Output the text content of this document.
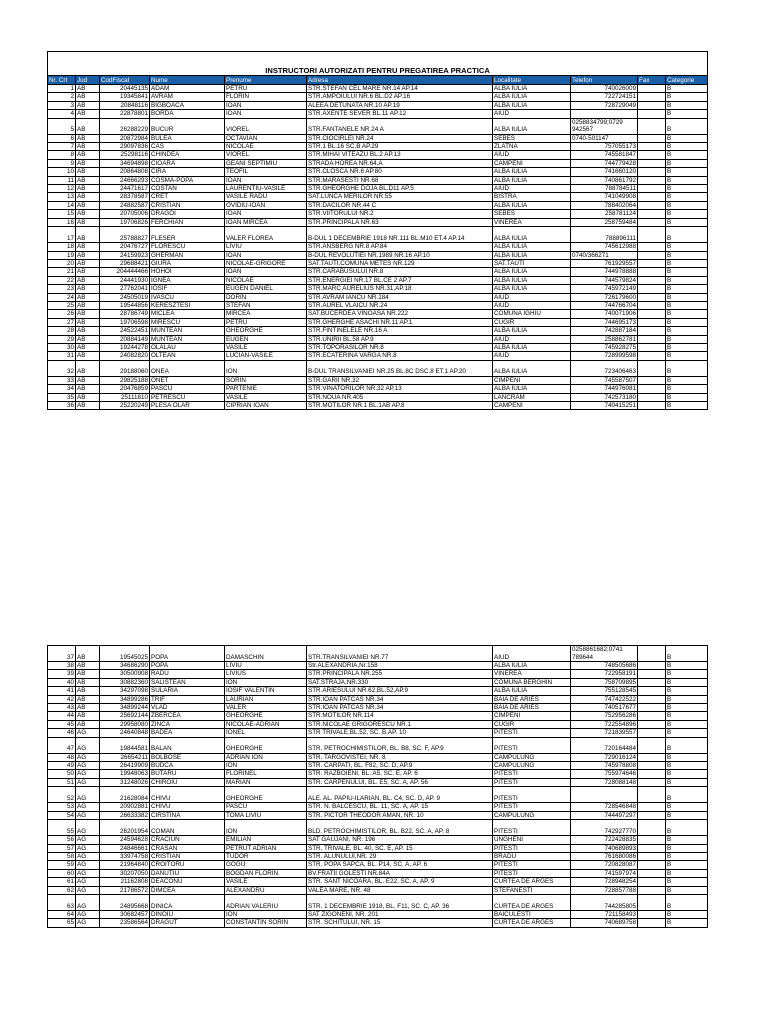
INSTRUCTORI AUTORIZATI PENTRU PREGATIREA PRACTICA									
Nr. Crt	Jud	CodFiscal	Nume	Prenume	Adresa	Localitate	Telefon	Fax	Categorie
1	AB	20445135	ADAM	PETRU	STR.STEFAN CEL MARE NR.14 AP.14	ALBA IULIA	740026009		B
2	AB	19345841	AVRAM	FLORIN	STR.AMPOIULUI NR.6 BL.D2 AP.16	ALBA IULIA	722724151		B
3	AB	20848116	BIGBOACA	IOAN	ALEEA DETUNATA NR.10 AP.19	ALBA IULIA	728729049		B
4	AB	22878801	BORDA	IOAN	STR.AXENTE SEVER BL.11 AP.12	AIUD			B
5	AB	26288229	BUCUR	VIOREL	STR.FANTANELE NR.24 A	ALBA IULIA	0258834799;0729 942567		B
6	AB	20872984	BULEA	OCTAVIAN	STR.CIOCIRLEI NR.24	SEBES	0740-501147		B
7	AB	29097836	CAS	NICOLAE	STR.1 BL.16 SC.B AP.29	ZLATNA	757055173		B
8	AB	25298116	CHINDEA	VIOREL	STR.MIHAI VITEAZU BL.2 AP.13	AIUD	745581847		B
9	AB	34694898	CIOARA	GEANI SEPTIMIU	STRADA HOREA NR.64,A	CAMPENI	744779428		B
10	AB	20864808	CIRA	TEOFIL	STR.CLOSCA NR.6 AP.80	ALBA IULIA	741660120		B
11	AB	24666293	COSMA-POPA	IOAN	STR.MARASESTI NR.68	ALBA IULIA	740861792		B
12	AB	24471617	COSTAN	LAURENTIU-VASILE	STR.GHEORGHE DOJA BL.D11 AP.5	AIUD	788784511		B
13	AB	28378587	CRET	VASILE RADU	SAT.LUNCA MERILOR NR.55	BISTRA	741049908		B
14	AB	24882587	CRISTIAN	OVIDIU-IOAN	STR.DACILOR NR.44 C	ALBA IULIA	788402064		B
15	AB	20705006	DRAGOI	IOAN	STR.VIITORULUI NR.2	SEBES	258781124		B
16	AB	19706826	FERCHIAN	IOAN MIRCEA	STR.PRINCIPALA NR.63	VINEREA	258759484		B
17	AB	25788827	FLESER	VALER FLOREA	B-DUL 1 DECEMBRIE 1918 NR.111 BL.M10 ET.4 AP.14	ALBA IULIA	788896111		B
18	AB	20476727	FLORESCU	LIVIU	STR.ANSBERG NR.8 AP.84	ALBA IULIA	745612988		B
19	AB	24159923	GHERMAN	IOAN	B-DUL REVOLUTIEI NR.1989 NR.16 AP.10	ALBA IULIA	0740/366271		B
20	AB	29688421	GIURA	NICOLAE-GRIGORE	SAT.TAUTI,COMUNA METES NR.129	SAT.TAUTI	761929557		B
21	AB	204444466	HOHOI	IOAN	STR.CARABUSULUI NR.8	ALBA IULIA	744978888		B
22	AB	24441930	IGNEA	NICOLAE	STR.ENERGIEI NR.17 BL.CE 2 AP.7	ALBA IULIA	744579824		B
23	AB	27762041	IOSIF	EUGEN DANIEL	STR.MARC AURELIUS NR.31,AP.18	ALBA IULIA	745972149		B
24	AB	24505019	IVASCU	DORIN	STR.AVRAM IANCU NR.184	AIUD	726179600		B
25	AB	19544856	KERESZTESI	STEFAN	STR.AUREL VLAICU NR.24	AIUD	744766704		B
26	AB	28786749	MICLEA	MIRCEA	SAT.BUCERDEA VINOASA NR.222	COMUNA IGHIU	740071906		B
27	AB	19706598	MIRESCU	PETRU	STR.GHERGHE ASACHI NR.11 AP.1	CUGIR	744695173		B
28	AB	24522451	MUNTEAN	GHEORGHE	STR.FINTINELELE NR.16 A	ALBA IULIA	742887184		B
29	AB	20884149	MUNTEAN	EUGEN	STR.UNIRII BL.58 AP.9	AIUD	258862781		B
30	AB	19244278	OLALAU	VASILE	STR.TOPORASILOR NR.8	ALBA IULIA	745928275		B
31	AB	24082820	OLTEAN	LUCIAN-VASILE	STR.ECATERINA VARGA NR.8	AIUD	728999598		B
32	AB	29188060	ONEA	ION	B-DUL TRANSILVANIEI NR.25 BL.8C DSC.8 ET.1 AP.20	ALBA IULIA	723406463		B
33	AB	29825188	ONET	SORIN	STR.GARII NR.32	CIMPENI	745587507		B
34	AB	20476859	PASCU	PARTENIE	STR.VINATORILOR NR.32 AP.13	ALBA IULIA	744976081		B
35	AB	25111810	PETRESCU	VASILE	STR.NOUA NR.405	LANCRAM	742573180		B
36	AB	25220249	PLESA OLAR	CIPRIAN IOAN	STR.MOTILOR NR.1 BL.1AB AP.8	CAMPENI	740415251		B
37	AB	19545025	POPA	DAMASCHIN	STR.TRANSILVANIEI NR.77	AIUD	0258861682;0741 789644		B
38	AB	34686290	POPA	LIVIU	Str.ALEXANDRIA,Nr.158	ALBA IULIA	748505686		B
39	AB	30500908	RADU	LIVIUS	STR.PRINCIPALA NR.255	VINEREA	722958191		B
40	AB	30882360	SALISTEAN	ION	SAT.STRAJA,NR.330	COMUNA BERGHIN	758709895		B
41	AB	34297098	SULARIA	IOSIF VALENTIN	STR.ARIESULUI NR.62,BL.52,AP.9	ALBA IULIA	755128545		B
42	AB	34899286	TRIF	LAURIAN	STR.IOAN PATCAS NR.34	BAIA DE ARIES	747422522		B
43	AB	34899244	VLAD	VALER	STR.IOAN PATCAS NR.34	BAIA DE ARIES	740517677		B
44	AB	25692144	ZBERCEA	GHEORGHE	STR.MOTILOR NR.114	CIMPENI	752956286		B
45	AB	29958080	ZINCA	NICOLAE-ADRIAN	STR.NICOLAE GRIGORESCU NR.1	CUGIR	722554896		B
46	AG	24640848	BADEA	IONEL	STR TRIVALE,BL.52, SC. B,AP. 10	PITESTI	721839557		B
47	AG	19844581	BALAN	GHEORGHE	STR. PETROCHIMISTILOR, BL. B8, SC. F, AP.9	PITESTI	720164484		B
48	AG	26654211	BOLBOSE	ADRIAN ION	STR. TARGOVISTEI, NR. 8	CAMPULUNG	729016124		B
49	AG	26419909	BUDCA	ION	STR. CARPATI, BL. F82, SC. D, AP.9	CAMPULUNG	745978808		B
50	AG	19948063	BUTARU	FLORINEL	STR. RAZBOIENI, BL. A5, SC. E, AP. 6	PITESTI	755974646		B
51	AG	31248026	CHIROIU	MARIAN	STR. CARPENULUI, BL. E5, SC. A, AP. 56	PITESTI	728088148		B
52	AG	21628084	CHIVU	GHEORGHE	ALE. AL. PAPIU-ILARIAN, BL. C4, SC. D, AP. 9	PITESTI			B
53	AG	20902881	CHIVU	PASCU	STR. N. BALCESCU, BL. 11, SC. A, AP. 15	PITESTI	728546848		B
54	AG	26633382	CIRSTINA	TOMA LIVIU	STR. PICTOR THEODOR AMAN, NR. 10	CAMPULUNG	744497297		B
55	AG	26201954	COMAN	ION	BLD. PETROCHIMISTILOR, BL. B22, SC. A, AP. 8	PITESTI	742927770		B
56	AG	24594628	CRACIUN	EMILIAN	SAT GAUJANI, NR. 196	UNGHENI	722428835		B
57	AG	24846661	CRASAN	PETRUT ADRIAN	STR. TRIVALE, BL. 40, SC. E, AP. 15	PITESTI	740689893		B
58	AG	33974758	CRISTIAN	TUDOR	STR. ALUNULUI,NR. 29	BRADU	761680086		B
59	AG	21964840	CROITORU	GOGU	STR. POPA SAPCA, BL. P14, SC. A, AP. 6	PITESTI	720828087		B
60	AG	30207050	DANUTIU	BOGDAN FLORIN	BV.FRATII GOLESTI NR.84A	PITESTI	741597974		B
61	AG	21162808	DEACONU	VASILE	STR. SANT NICOARA, BL. E22, SC. A, AP. 9	CURTEA DE ARGES	728948254		B
62	AG	21786572	DIMCEA	ALEXANDRU	VALEA MARE, NR. 48	STEFANESTI	728857788		B
63	AG	24895668	DINICA	ADRIAN VALERIU	STR. 1 DECEMBRIE 1918, BL. F11, SC. C, AP. 36	CURTEA DE ARGES	744285805		B
64	AG	30682457	DINOIU	ION	SAT ZIGONENI, NR. 201	BAICULESTI	721158493		B
65	AG	23586564	DRAGUT	CONSTANTIN SORIN	STR. SCHITULUI, NR. 15	CURTEA DE ARGES	740689758		B
